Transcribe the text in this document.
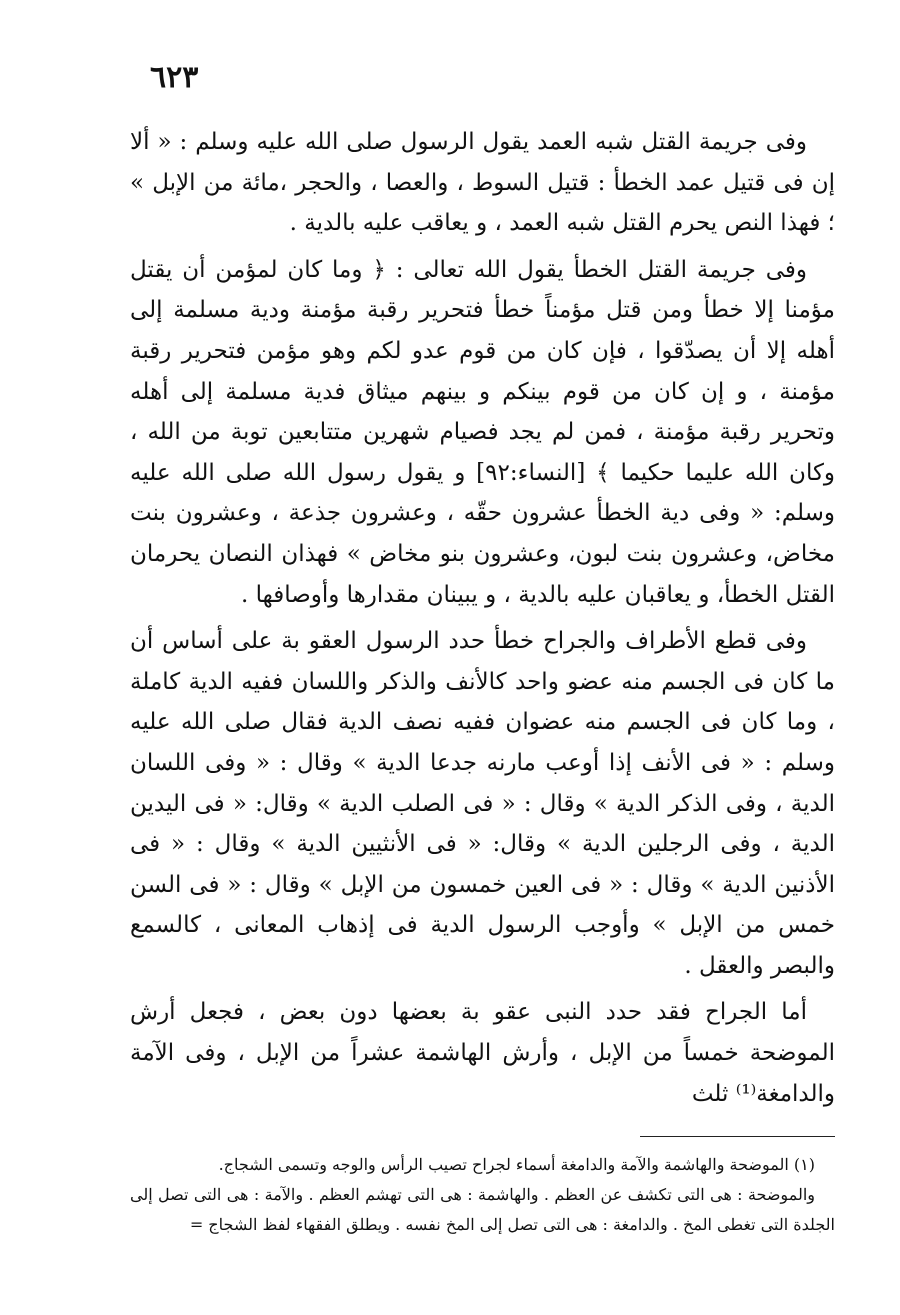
٦٢٣

وفى جريمة القتل شبه العمد يقول الرسول صلى الله عليه وسلم : « ألا إن فى قتيل عمد الخطأ : قتيل السوط ، والعصا ، والحجر ،مائة من الإبل » ؛ فهذا النص يحرم القتل شبه العمد ، و يعاقب عليه بالدية .

وفى جريمة القتل الخطأ يقول الله تعالى : ﴿ وما كان لمؤمن أن يقتل مؤمنا إلا خطأ ومن قتل مؤمناً خطأ فتحرير رقبة مؤمنة ودية مسلمة إلى أهله إلا أن يصدّقوا ، فإن كان من قوم عدو لكم وهو مؤمن فتحرير رقبة مؤمنة ، و إن كان من قوم بينكم و بينهم ميثاق فدية مسلمة إلى أهله وتحرير رقبة مؤمنة ، فمن لم يجد فصيام شهرين متتابعين توبة من الله ، وكان الله عليما حكيما ﴾ [النساء:٩٢] و يقول رسول الله صلى الله عليه وسلم: « وفى دية الخطأ عشرون حقّه ، وعشرون جذعة ، وعشرون بنت مخاض، وعشرون بنت لبون، وعشرون بنو مخاض » فهذان النصان يحرمان القتل الخطأ، و يعاقبان عليه بالدية ، و يبينان مقدارها وأوصافها .

وفى قطع الأطراف والجراح خطأ حدد الرسول العقو بة على أساس أن ما كان فى الجسم منه عضو واحد كالأنف والذكر واللسان ففيه الدية كاملة ، وما كان فى الجسم منه عضوان ففيه نصف الدية فقال صلى الله عليه وسلم : « فى الأنف إذا أوعب مارنه جدعا الدية » وقال : « وفى اللسان الدية ، وفى الذكر الدية » وقال : « فى الصلب الدية » وقال: « فى اليدين الدية ، وفى الرجلين الدية » وقال: « فى الأنثيين الدية » وقال : « فى الأذنين الدية » وقال : « فى العين خمسون من الإبل » وقال : « فى السن خمس من الإبل » وأوجب الرسول الدية فى إذهاب المعانى ، كالسمع والبصر والعقل .

أما الجراح فقد حدد النبى عقو بة بعضها دون بعض ، فجعل أرش الموضحة خمساً من الإبل ، وأرش الهاشمة عشراً من الإبل ، وفى الآمة والدامغة⁽¹⁾ ثلث

(١) الموضحة والهاشمة والآمة والدامغة أسماء لجراح تصيب الرأس والوجه وتسمى الشجاج.

والموضحة : هى التى تكشف عن العظم . والهاشمة : هى التى تهشم العظم . والآمة : هى التى تصل إلى الجلدة التى تغطى المخ . والدامغة : هى التى تصل إلى المخ نفسه . ويطلق الفقهاء لفظ الشجاج =
